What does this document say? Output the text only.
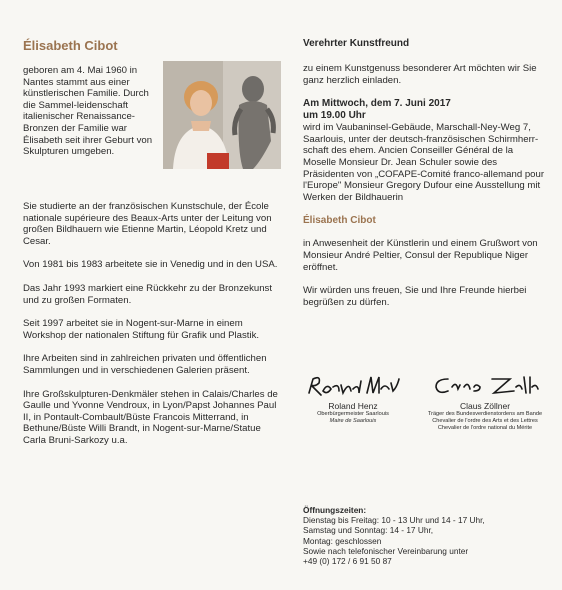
Élisabeth Cibot

geboren am 4. Mai 1960 in Nantes stammt aus einer künstlerischen Familie. Durch die Sammel-leidenschaft italienischer Renaissance-Bronzen der Familie war Élisabeth seit ihrer Geburt von Skulpturen umgeben.

Sie studierte an der französischen Kunstschule, der École nationale supérieure des Beaux-Arts unter der Leitung von großen Bildhauern wie Etienne Martin, Léopold Kretz und Cesar.

Von 1981 bis 1983 arbeitete sie in Venedig und in den USA.

Das Jahr 1993 markiert eine Rückkehr zu der Bronzekunst und zu großen Formaten.

Seit 1997 arbeitet sie in Nogent-sur-Marne in einem Workshop der nationalen Stiftung für Grafik und Plastik.

Ihre Arbeiten sind in zahlreichen privaten und öffentlichen Sammlungen und in verschiedenen Galerien präsent.

Ihre Großskulpturen-Denkmäler stehen in Calais/Charles de Gaulle und Yvonne Vendroux, in Lyon/Papst Johannes Paul II, in Pontault-Combault/Büste Francois Mitterrand, in Bethune/Büste Willi Brandt, in Nogent-sur-Marne/Statue Carla Bruni-Sarkozy u.a.

Verehrter Kunstfreund

zu einem Kunstgenuss besonderer Art möchten wir Sie ganz herzlich einladen.

Am Mittwoch, dem 7. Juni 2017

um 19.00 Uhr

wird im Vaubaninsel-Gebäude, Marschall-Ney-Weg 7, Saarlouis, unter der deutsch-französischen Schirmherr-schaft des ehem. Ancien Conseiller Général de la Moselle Monsieur Dr. Jean Schuler sowie des Präsidenten von „COFAPE-Comité franco-allemand pour l'Europe" Monsieur Gregory Dufour eine Ausstellung mit Werken der Bildhauerin

Élisabeth Cibot

in Anwesenheit der Künstlerin und einem Grußwort von Monsieur André Peltier, Consul der Republique Niger eröffnet.

Wir würden uns freuen, Sie und Ihre Freunde hierbei begrüßen zu dürfen.

Roland Henz
Oberbürgermeister Saarlouis
Maire de Saarlouis
Claus Zöllner
Träger des Bundesverdienstordens am Bande
Chevalier de l'ordre des Arts et des Lettres
Chevalier de l'ordre national du Mérite
Öffnungszeiten:
Dienstag bis Freitag: 10 - 13 Uhr und 14 - 17 Uhr,
Samstag und Sonntag: 14 - 17 Uhr,
Montag: geschlossen
Sowie nach telefonischer Vereinbarung unter
+49 (0) 172 / 6 91 50 87
